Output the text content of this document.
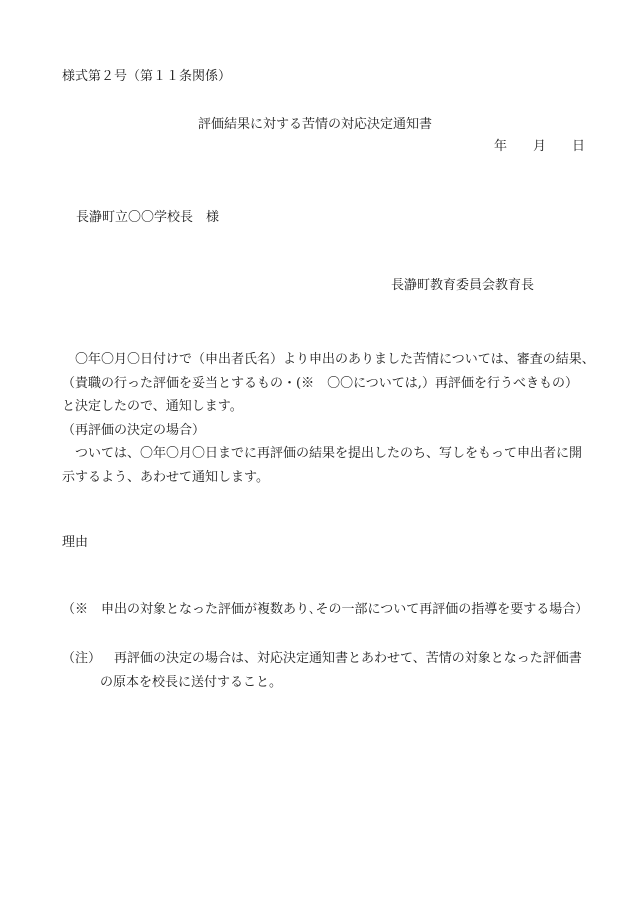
様式第２号（第１１条関係）
評価結果に対する苦情の対応決定通知書
年 月 日
長瀞町立〇〇学校長　様
長瀞町教育委員会教育長

〇年〇月〇日付けで（申出者氏名）より申出のありました苦情については、審査の結果、

（貴職の行った評価を妥当とするもの・(※　〇〇については,）再評価を行うべきもの）

と決定したので、通知します。

（再評価の決定の場合）

ついては、〇年〇月〇日までに再評価の結果を提出したのち、写しをもって申出者に開

示するよう、あわせて通知します。

理由
（※　申出の対象となった評価が複数あり､その一部について再評価の指導を要する場合）

（注） 再評価の決定の場合は、対応決定通知書とあわせて、苦情の対象となった評価書

の原本を校長に送付すること。
